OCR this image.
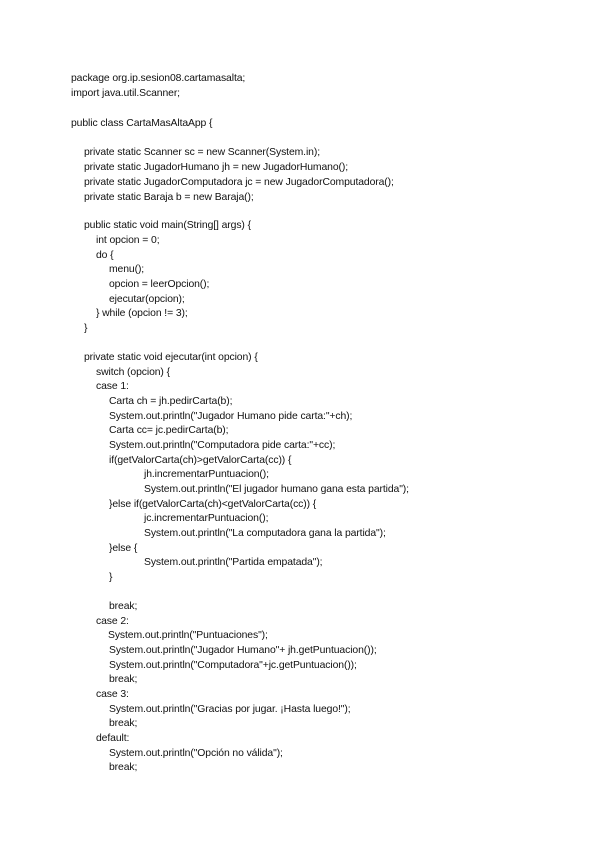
package org.ip.sesion08.cartamasalta;
import java.util.Scanner;
public class CartaMasAltaApp {
private static Scanner sc = new Scanner(System.in);
private static JugadorHumano jh = new JugadorHumano();
private static JugadorComputadora jc = new JugadorComputadora();
private static Baraja b = new Baraja();
public static void main(String[] args) {
int opcion = 0;
do {
menu();
opcion = leerOpcion();
ejecutar(opcion);
} while (opcion != 3);
}
private static void ejecutar(int opcion) {
switch (opcion) {
case 1:
Carta ch = jh.pedirCarta(b);
System.out.println("Jugador Humano pide carta:"+ch);
Carta cc= jc.pedirCarta(b);
System.out.println("Computadora pide carta:"+cc);
if(getValorCarta(ch)>getValorCarta(cc)) {
jh.incrementarPuntuacion();
System.out.println("El jugador humano gana esta partida");
}else if(getValorCarta(ch)<getValorCarta(cc)) {
jc.incrementarPuntuacion();
System.out.println("La computadora gana la partida");
}else {
System.out.println("Partida empatada");
}
break;
case 2:
System.out.println("Puntuaciones");
System.out.println("Jugador Humano"+ jh.getPuntuacion());
System.out.println("Computadora"+jc.getPuntuacion());
break;
case 3:
System.out.println("Gracias por jugar. ¡Hasta luego!");
break;
default:
System.out.println("Opción no válida");
break;
